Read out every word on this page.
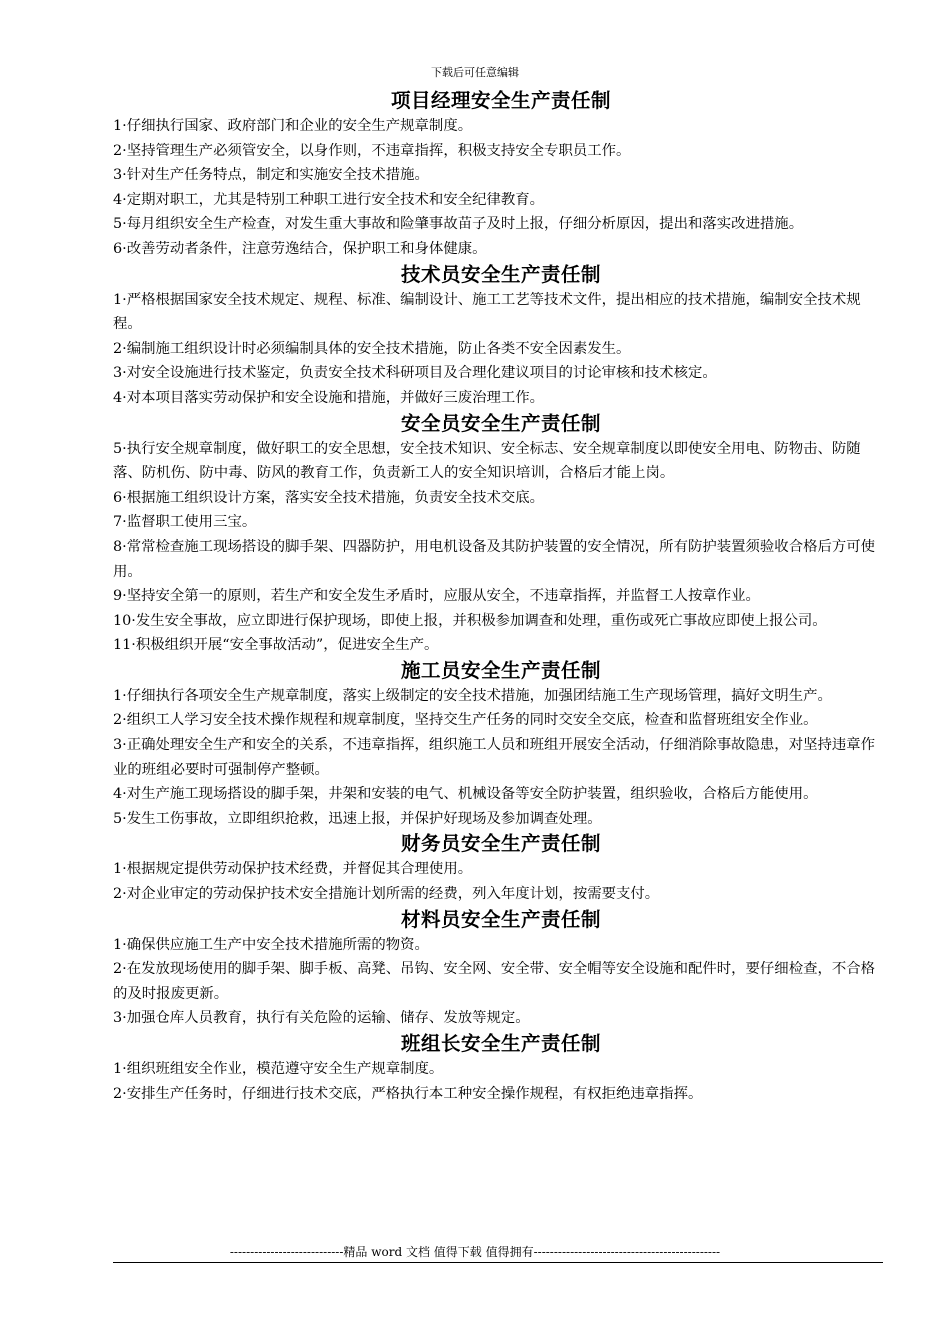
下载后可任意编辑
项目经理安全生产责任制
1·仔细执行国家、政府部门和企业的安全生产规章制度。
2·坚持管理生产必须管安全，以身作则，不违章指挥，积极支持安全专职员工作。
3·针对生产任务特点，制定和实施安全技术措施。
4·定期对职工，尤其是特别工种职工进行安全技术和安全纪律教育。
5·每月组织安全生产检查，对发生重大事故和险肇事故苗子及时上报，仔细分析原因，提出和落实改进措施。
6·改善劳动者条件，注意劳逸结合，保护职工和身体健康。
技术员安全生产责任制
1·严格根据国家安全技术规定、规程、标准、编制设计、施工工艺等技术文件，提出相应的技术措施，编制安全技术规程。
2·编制施工组织设计时必须编制具体的安全技术措施，防止各类不安全因素发生。
3·对安全设施进行技术鉴定，负责安全技术科研项目及合理化建议项目的讨论审核和技术核定。
4·对本项目落实劳动保护和安全设施和措施，并做好三废治理工作。
安全员安全生产责任制
5·执行安全规章制度，做好职工的安全思想，安全技术知识、安全标志、安全规章制度以即使安全用电、防物击、防随落、防机伤、防中毒、防风的教育工作，负责新工人的安全知识培训，合格后才能上岗。
6·根据施工组织设计方案，落实安全技术措施，负责安全技术交底。
7·监督职工使用三宝。
8·常常检查施工现场搭设的脚手架、四器防护，用电机设备及其防护装置的安全情况，所有防护装置须验收合格后方可使用。
9·坚持安全第一的原则，若生产和安全发生矛盾时，应服从安全，不违章指挥，并监督工人按章作业。
10·发生安全事故，应立即进行保护现场，即使上报，并积极参加调查和处理，重伤或死亡事故应即使上报公司。
11·积极组织开展“安全事故活动”，促进安全生产。
施工员安全生产责任制
1·仔细执行各项安全生产规章制度，落实上级制定的安全技术措施，加强团结施工生产现场管理，搞好文明生产。
2·组织工人学习安全技术操作规程和规章制度，坚持交生产任务的同时交安全交底，检查和监督班组安全作业。
3·正确处理安全生产和安全的关系，不违章指挥，组织施工人员和班组开展安全活动，仔细消除事故隐患，对坚持违章作业的班组必要时可强制停产整顿。
4·对生产施工现场搭设的脚手架，井架和安装的电气、机械设备等安全防护装置，组织验收，合格后方能使用。
5·发生工伤事故，立即组织抢救，迅速上报，并保护好现场及参加调查处理。
财务员安全生产责任制
1·根据规定提供劳动保护技术经费，并督促其合理使用。
2·对企业审定的劳动保护技术安全措施计划所需的经费，列入年度计划，按需要支付。
材料员安全生产责任制
1·确保供应施工生产中安全技术措施所需的物资。
2·在发放现场使用的脚手架、脚手板、高凳、吊钩、安全网、安全带、安全帽等安全设施和配件时，要仔细检查，不合格的及时报废更新。
3·加强仓库人员教育，执行有关危险的运输、储存、发放等规定。
班组长安全生产责任制
1·组织班组安全作业，模范遵守安全生产规章制度。
2·安排生产任务时，仔细进行技术交底，严格执行本工种安全操作规程，有权拒绝违章指挥。
----------------------------精品 word 文档 值得下载 值得拥有----------------------------------------------
